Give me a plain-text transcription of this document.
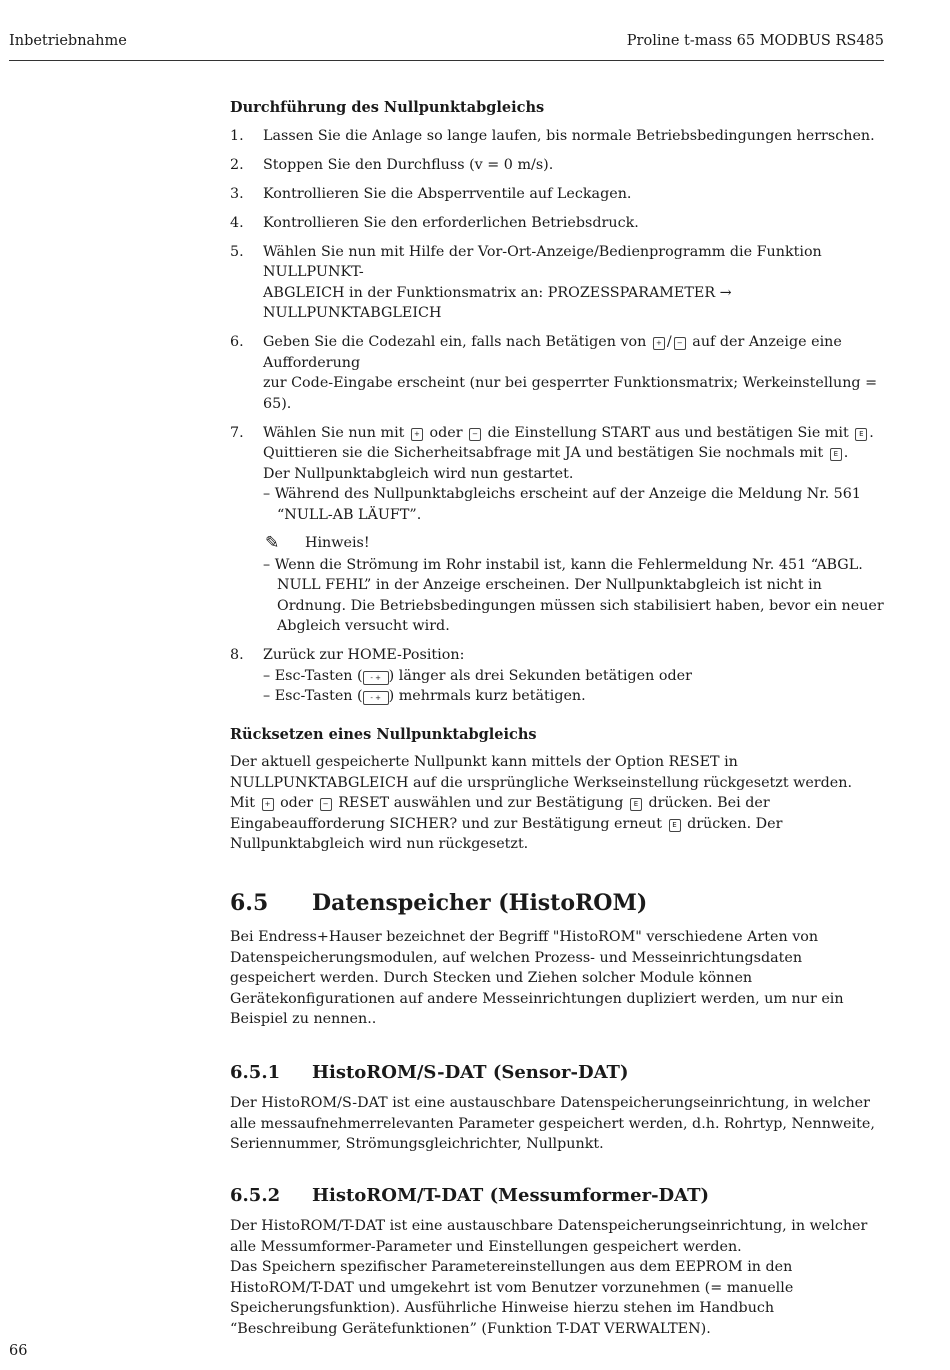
Inbetriebnahme	Proline t-mass 65 MODBUS RS485
Durchführung des Nullpunktabgleichs
1.	Lassen Sie die Anlage so lange laufen, bis normale Betriebsbedingungen herrschen.
2.	Stoppen Sie den Durchfluss (v = 0 m/s).
3.	Kontrollieren Sie die Absperrventile auf Leckagen.
4.	Kontrollieren Sie den erforderlichen Betriebsdruck.
5.	Wählen Sie nun mit Hilfe der Vor-Ort-Anzeige/Bedienprogramm die Funktion NULLPUNKT-
ABGLEICH in der Funktionsmatrix an: PROZESSPARAMETER → NULLPUNKTABGLEICH
6.	Geben Sie die Codezahl ein, falls nach Betätigen von + / − auf der Anzeige eine Aufforderung
zur Code-Eingabe erscheint (nur bei gesperrter Funktionsmatrix; Werkeinstellung = 65).
7.	Wählen Sie nun mit + oder − die Einstellung START aus und bestätigen Sie mit E .
Quittieren sie die Sicherheitsabfrage mit JA und bestätigen Sie nochmals mit E .
Der Nullpunktabgleich wird nun gestartet.
– Während des Nullpunktabgleichs erscheint auf der Anzeige die Meldung Nr. 561 “NULL-AB LÄUFT”.
✎	Hinweis!
– Wenn die Strömung im Rohr instabil ist, kann die Fehlermeldung Nr. 451 “ABGL. NULL FEHL” in der Anzeige erscheinen. Der Nullpunktabgleich ist nicht in Ordnung. Die Betriebsbedingungen müssen sich stabilisiert haben, bevor ein neuer Abgleich versucht wird.
8.	Zurück zur HOME-Position:
– Esc-Tasten ( - + ) länger als drei Sekunden betätigen oder
– Esc-Tasten ( - + ) mehrmals kurz betätigen.
Rücksetzen eines Nullpunktabgleichs

Der aktuell gespeicherte Nullpunkt kann mittels der Option RESET in NULLPUNKTABGLEICH auf die ursprüngliche Werkseinstellung rückgesetzt werden.

Mit + oder − RESET auswählen und zur Bestätigung E drücken. Bei der Eingabeaufforderung SICHER? und zur Bestätigung erneut E drücken. Der Nullpunktabgleich wird nun rückgesetzt.

6.5	Datenspeicher (HistoROM)

Bei Endress+Hauser bezeichnet der Begriff "HistoROM" verschiedene Arten von Datenspeicherungsmodulen, auf welchen Prozess- und Messeinrichtungsdaten gespeichert werden. Durch Stecken und Ziehen solcher Module können Gerätekonfigurationen auf andere Messeinrichtungen dupliziert werden, um nur ein Beispiel zu nennen..

6.5.1	HistoROM/S-DAT (Sensor-DAT)

Der HistoROM/S-DAT ist eine austauschbare Datenspeicherungseinrichtung, in welcher alle messaufnehmerrelevanten Parameter gespeichert werden, d.h. Rohrtyp, Nennweite, Seriennummer, Strömungsgleichrichter, Nullpunkt.

6.5.2	HistoROM/T-DAT (Messumformer-DAT)

Der HistoROM/T-DAT ist eine austauschbare Datenspeicherungseinrichtung, in welcher alle Messumformer-Parameter und Einstellungen gespeichert werden.

Das Speichern spezifischer Parametereinstellungen aus dem EEPROM in den HistoROM/T-DAT und umgekehrt ist vom Benutzer vorzunehmen (= manuelle Speicherungsfunktion). Ausführliche Hinweise hierzu stehen im Handbuch “Beschreibung Gerätefunktionen” (Funktion T-DAT VERWALTEN).

66
